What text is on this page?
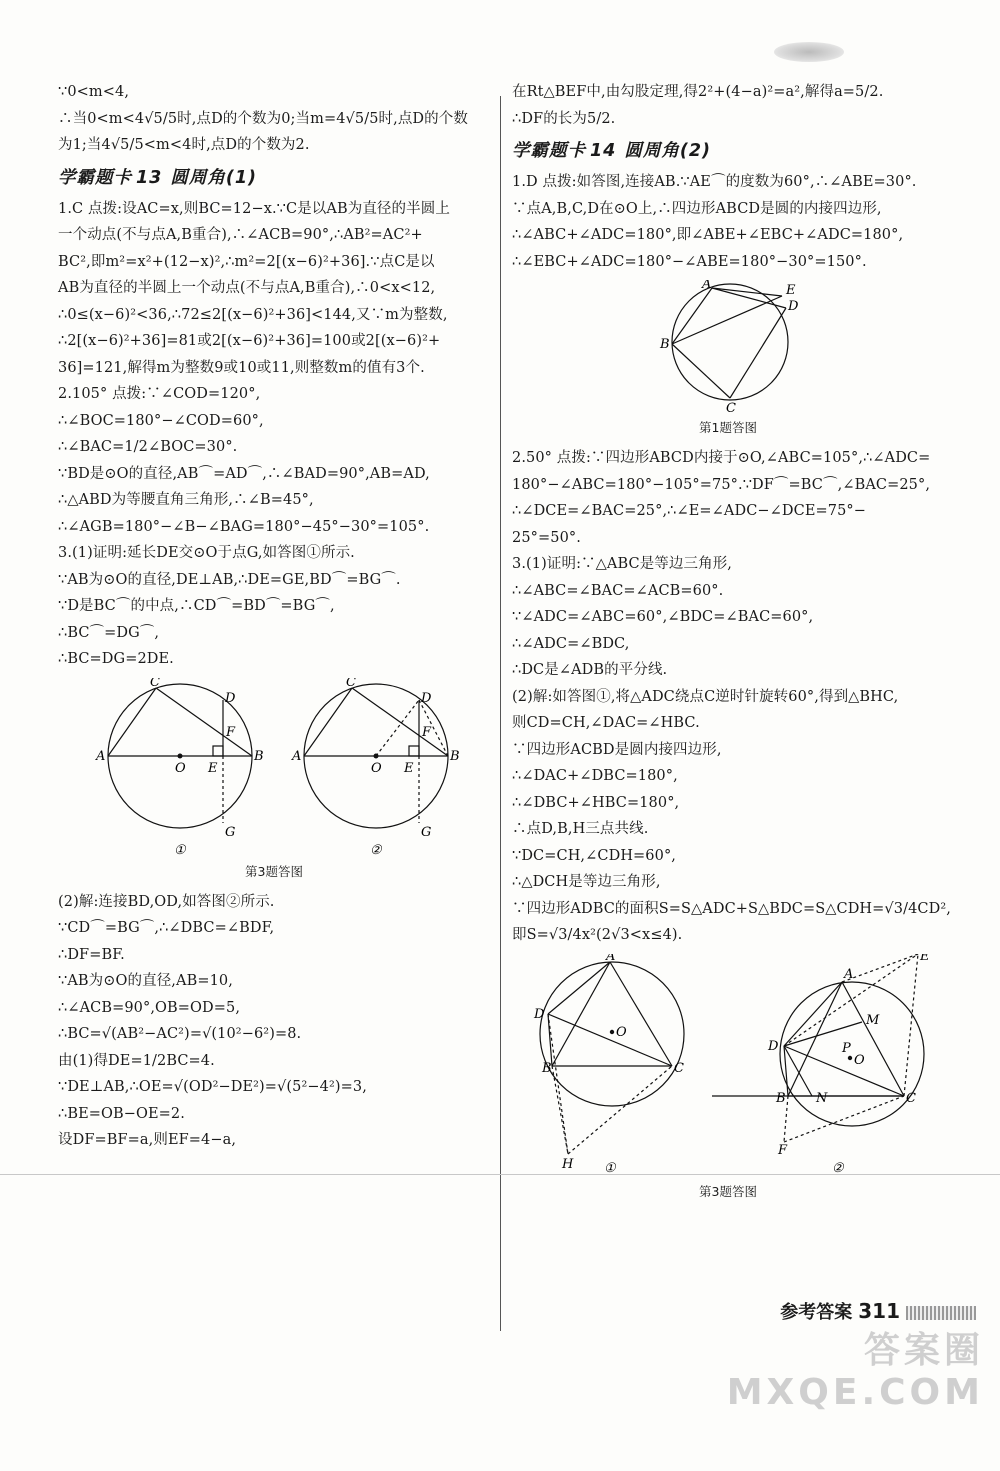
∵0<m<4,
∴当0<m<4√5/5时,点D的个数为0;当m=4√5/5时,点D的个数
为1;当4√5/5<m<4时,点D的个数为2.
学霸题卡 13 圆周角(1)
1.C 点拨:设AC=x,则BC=12−x.∵C是以AB为直径的半圆上
一个动点(不与点A,B重合),∴∠ACB=90°,∴AB²=AC²+
BC²,即m²=x²+(12−x)²,∴m²=2[(x−6)²+36].∵点C是以
AB为直径的半圆上一个动点(不与点A,B重合),∴0<x<12,
∴0≤(x−6)²<36,∴72≤2[(x−6)²+36]<144,又∵m为整数,
∴2[(x−6)²+36]=81或2[(x−6)²+36]=100或2[(x−6)²+
36]=121,解得m为整数9或10或11,则整数m的值有3个.
2.105° 点拨:∵∠COD=120°,
∴∠BOC=180°−∠COD=60°,
∴∠BAC=1/2∠BOC=30°.
∵BD是⊙O的直径,AB⌒=AD⌒,∴∠BAD=90°,AB=AD,
∴△ABD为等腰直角三角形,∴∠B=45°,
∴∠AGB=180°−∠B−∠BAG=180°−45°−30°=105°.
3.(1)证明:延长DE交⊙O于点G,如答图①所示.
∵AB为⊙O的直径,DE⊥AB,∴DE=GE,BD⌒=BG⌒.
∵D是BC⌒的中点,∴CD⌒=BD⌒=BG⌒,
∴BC⌒=DG⌒,
∴BC=DG=2DE.
A	B
C
D
F
E
O
G
A	B
C
D
F
E
O
G
①	②
第3题答图
(2)解:连接BD,OD,如答图②所示.
∵CD⌒=BG⌒,∴∠DBC=∠BDF,
∴DF=BF.
∵AB为⊙O的直径,AB=10,
∴∠ACB=90°,OB=OD=5,
∴BC=√(AB²−AC²)=√(10²−6²)=8.
由(1)得DE=1/2BC=4.
∵DE⊥AB,∴OE=√(OD²−DE²)=√(5²−4²)=3,
∴BE=OB−OE=2.
设DF=BF=a,则EF=4−a,
在Rt△BEF中,由勾股定理,得2²+(4−a)²=a²,解得a=5/2.
∴DF的长为5/2.
学霸题卡 14 圆周角(2)
1.D 点拨:如答图,连接AB.∵AE⌒的度数为60°,∴∠ABE=30°.
∵点A,B,C,D在⊙O上,∴四边形ABCD是圆的内接四边形,
∴∠ABC+∠ADC=180°,即∠ABE+∠EBC+∠ADC=180°,
∴∠EBC+∠ADC=180°−∠ABE=180°−30°=150°.
A	E
D
B
C
第1题答图
2.50° 点拨:∵四边形ABCD内接于⊙O,∠ABC=105°,∴∠ADC=
180°−∠ABC=180°−105°=75°.∵DF⌒=BC⌒,∠BAC=25°,
∴∠DCE=∠BAC=25°,∴∠E=∠ADC−∠DCE=75°−
25°=50°.
3.(1)证明:∵△ABC是等边三角形,
∴∠ABC=∠BAC=∠ACB=60°.
∵∠ADC=∠ABC=60°,∠BDC=∠BAC=60°,
∴∠ADC=∠BDC,
∴DC是∠ADB的平分线.
(2)解:如答图①,将△ADC绕点C逆时针旋转60°,得到△BHC,
则CD=CH,∠DAC=∠HBC.
∵四边形ACBD是圆内接四边形,
∴∠DAC+∠DBC=180°,
∴∠DBC+∠HBC=180°,
∴点D,B,H三点共线.
∵DC=CH,∠CDH=60°,
∴△DCH是等边三角形,
∵四边形ADBC的面积S=S△ADC+S△BDC=S△CDH=√3/4CD²,
即S=√3/4x²(2√3<x≤4).
A
D
O
B	C
H ①
A
E
M
D	P
O
B N	C
F
②
第3题答图
参考答案 311
答案圈
MXQE.COM
